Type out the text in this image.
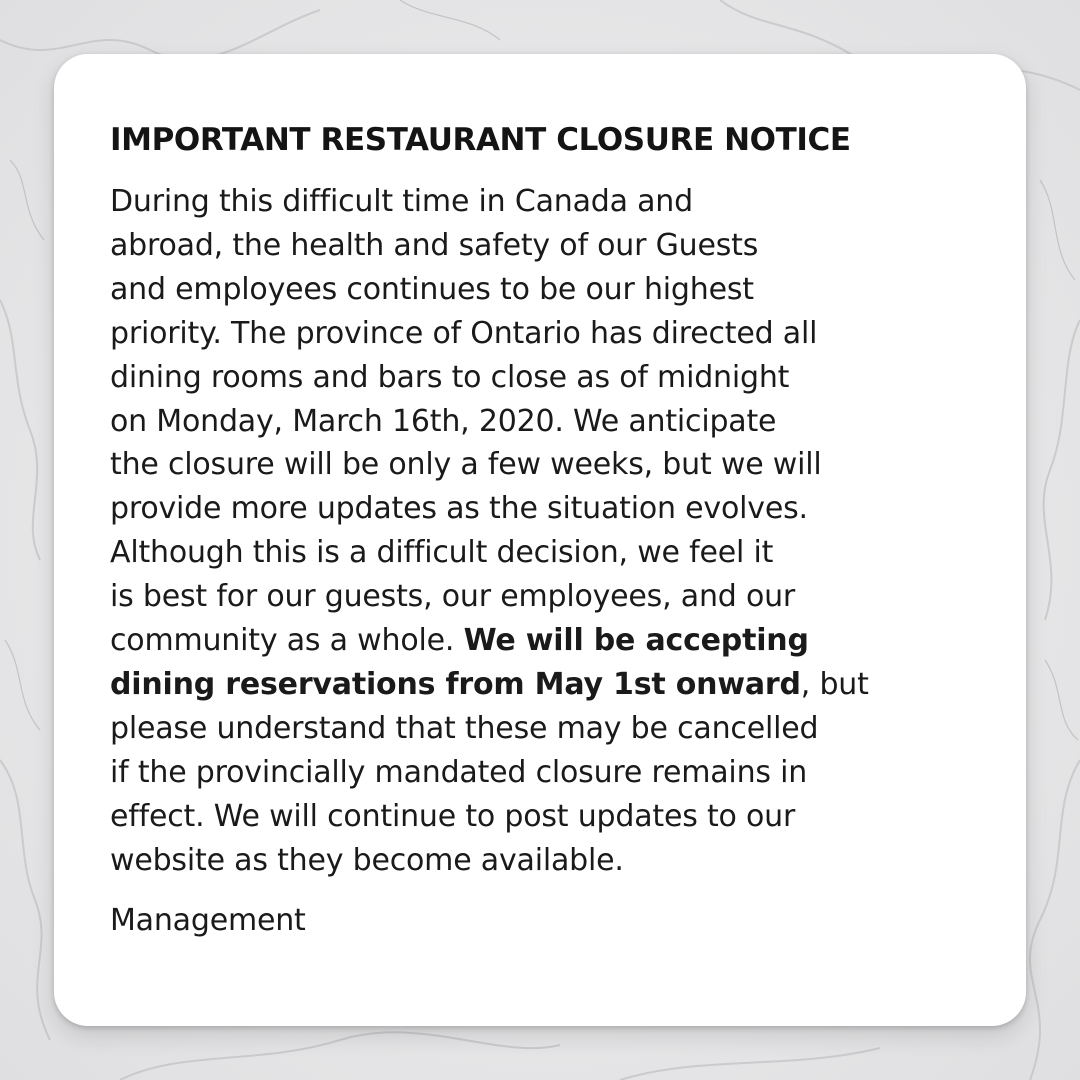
IMPORTANT RESTAURANT CLOSURE NOTICE
During this difficult time in Canada and
abroad, the health and safety of our Guests
and employees continues to be our highest
priority. The province of Ontario has directed all
dining rooms and bars to close as of midnight
on Monday, March 16th, 2020. We anticipate
the closure will be only a few weeks, but we will
provide more updates as the situation evolves.
Although this is a difficult decision, we feel it
is best for our guests, our employees, and our
community as a whole. We will be accepting
dining reservations from May 1st onward, but
please understand that these may be cancelled
if the provincially mandated closure remains in
effect. We will continue to post updates to our
website as they become available.

Management
